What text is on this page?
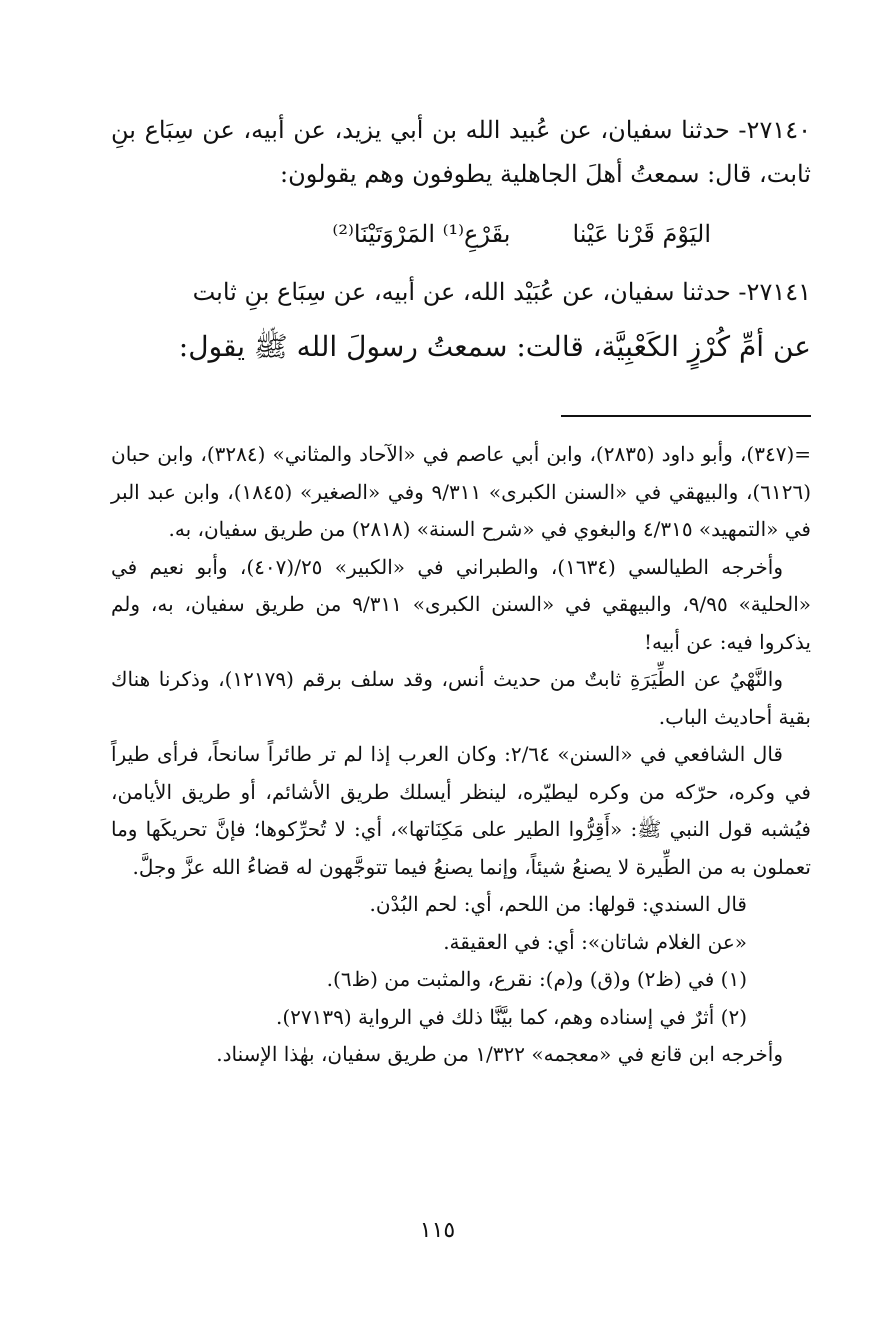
٢٧١٤٠- حدثنا سفيان، عن عُبيد الله بن أبي يزيد، عن أبيه، عن سِبَاع بنِ ثابت، قال: سمعتُ أهلَ الجاهلية يطوفون وهم يقولون:

اليَوْمَ قَرْنا عَيْنا
بقَرْعِ⁽¹⁾ المَرْوَتَيْنَا⁽²⁾

٢٧١٤١- حدثنا سفيان، عن عُبَيْد الله، عن أبيه، عن سِبَاع بنِ ثابت

عن أمِّ كُرْزٍ الكَعْبِيَّة، قالت: سمعتُ رسولَ الله ﷺ يقول:

=(٣٤٧)، وأبو داود (٢٨٣٥)، وابن أبي عاصم في «الآحاد والمثاني» (٣٢٨٤)، وابن حبان (٦١٢٦)، والبيهقي في «السنن الكبرى» ٩/٣١١ وفي «الصغير» (١٨٤٥)، وابن عبد البر في «التمهيد» ٤/٣١٥ والبغوي في «شرح السنة» (٢٨١٨) من طريق سفيان، به.

وأخرجه الطيالسي (١٦٣٤)، والطبراني في «الكبير» ٢٥/(٤٠٧)، وأبو نعيم في «الحلية» ٩/٩٥، والبيهقي في «السنن الكبرى» ٩/٣١١ من طريق سفيان، به، ولم يذكروا فيه: عن أبيه!

والنَّهْيُ عن الطِّيَرَةِ ثابتٌ من حديث أنس، وقد سلف برقم (١٢١٧٩)، وذكرنا هناك بقية أحاديث الباب.

قال الشافعي في «السنن» ٢/٦٤: وكان العرب إذا لم تر طائراً سانحاً، فرأى طيراً في وكره، حرّكه من وكره ليطيّره، لينظر أيسلك طريق الأشائم، أو طريق الأيامن، فيُشبه قول النبي ﷺ: «أَقِرُّوا الطير على مَكِنَاتها»، أي: لا تُحرِّكوها؛ فإنَّ تحريكَها وما تعملون به من الطِّيرة لا يصنعُ شيئاً، وإنما يصنعُ فيما تتوجَّهون له قضاءُ الله عزَّ وجلَّ.

قال السندي: قولها: من اللحم، أي: لحم البُدْن.

«عن الغلام شاتان»: أي: في العقيقة.

(١) في (ظ٢) و(ق) و(م): نقرع، والمثبت من (ظ٦).

(٢) أثرٌ في إسناده وهم، كما بيَّنَّا ذلك في الرواية (٢٧١٣٩).

وأخرجه ابن قانع في «معجمه» ١/٣٢٢ من طريق سفيان، بهٰذا الإسناد.

١١٥
